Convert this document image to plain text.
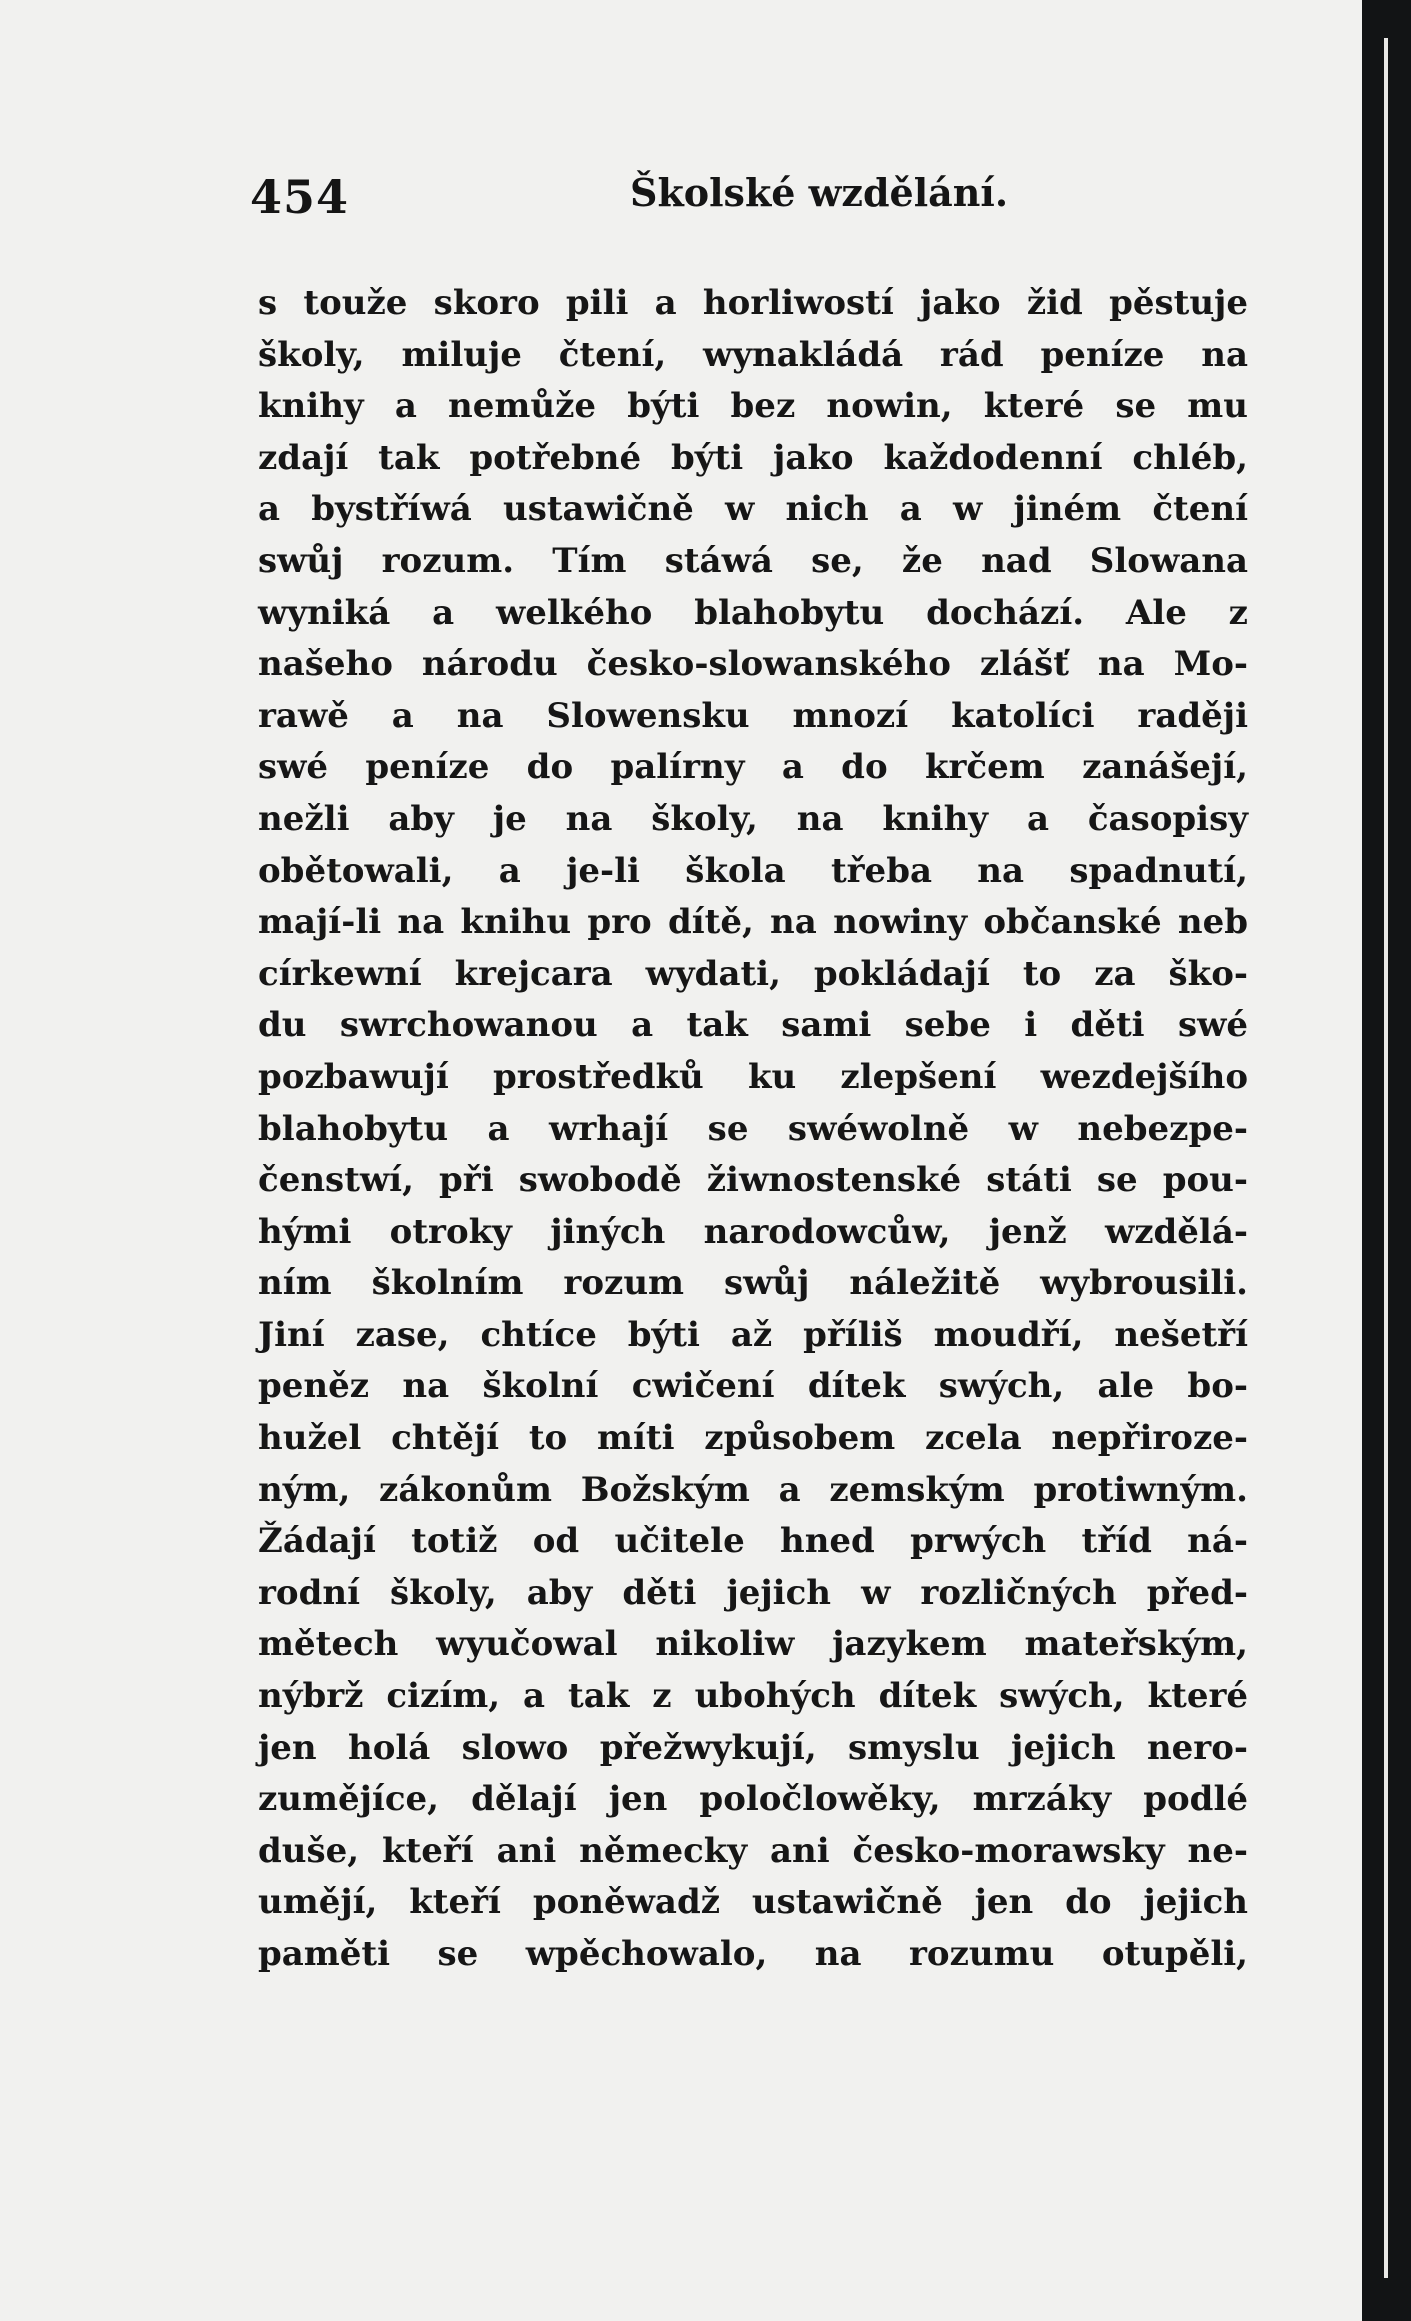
454	Školské wzdělání.
s touže skoro pili a horliwostí jako žid pěstuje
školy, miluje čtení, wynakládá rád peníze na
knihy a nemůže býti bez nowin, které se mu
zdají tak potřebné býti jako každodenní chléb,
a bystříwá ustawičně w nich a w jiném čtení
swůj rozum. Tím stáwá se, že nad Slowana
wyniká a welkého blahobytu dochází. Ale z
našeho národu česko-slowanského zlášť na Mo-
rawě a na Slowensku mnozí katolíci raději
swé peníze do palírny a do krčem zanášejí,
nežli aby je na školy, na knihy a časopisy
obětowali, a je-li škola třeba na spadnutí,
mají-li na knihu pro dítě, na nowiny občanské neb
církewní krejcara wydati, pokládají to za ško-
du swrchowanou a tak sami sebe i děti swé
pozbawují prostředků ku zlepšení wezdejšího
blahobytu a wrhají se swéwolně w nebezpe-
čenstwí, při swobodě žiwnostenské státi se pou-
hými otroky jiných narodowcůw, jenž wzdělá-
ním školním rozum swůj náležitě wybrousili.
Jiní zase, chtíce býti až příliš moudří, nešetří
peněz na školní cwičení dítek swých, ale bo-
hužel chtějí to míti způsobem zcela nepřiroze-
ným, zákonům Božským a zemským protiwným.
Žádají totiž od učitele hned prwých tříd ná-
rodní školy, aby děti jejich w rozličných před-
mětech wyučowal nikoliw jazykem mateřským,
nýbrž cizím, a tak z ubohých dítek swých, které
jen holá slowo přežwykují, smyslu jejich nero-
zumějíce, dělají jen poločlowěky, mrzáky podlé
duše, kteří ani německy ani česko-morawsky ne-
umějí, kteří poněwadž ustawičně jen do jejich
paměti se wpěchowalo, na rozumu otupěli,
